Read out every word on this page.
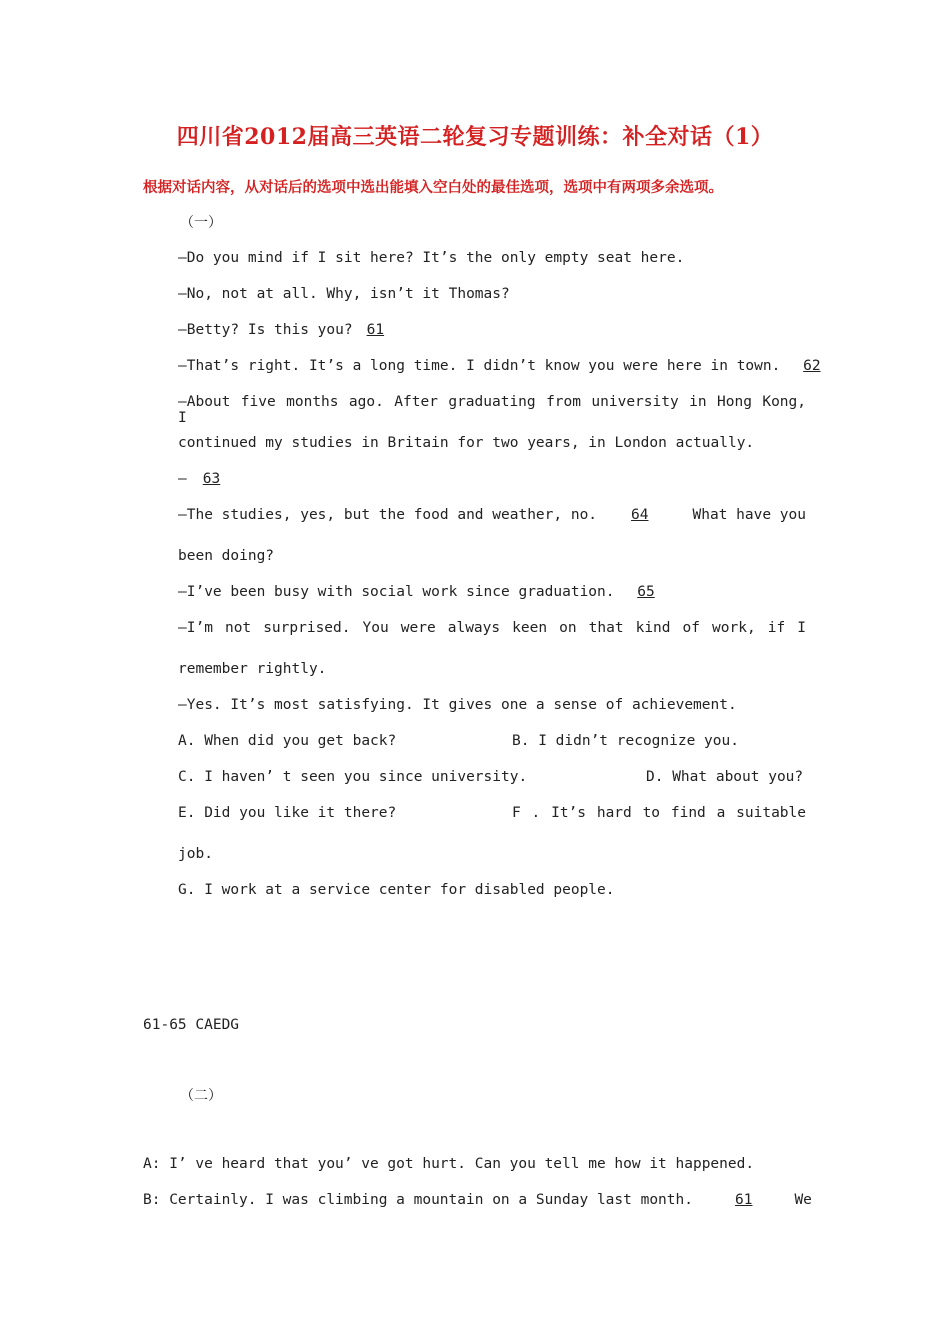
四川省2012届高三英语二轮复习专题训练：补全对话（1）
根据对话内容，从对话后的选项中选出能填入空白处的最佳选项，选项中有两项多余选项。
（一）
—Do you mind if I sit here? It’s the only empty seat here.
—No, not at all. Why, isn’t it Thomas?
—Betty? Is this you? 61
—That’s right. It’s a long time. I didn’t know you were here in town. 62
—About five months ago. After graduating from university in Hong Kong, I
continued my studies in Britain for two years, in London actually.
— 63
—The studies, yes, but the food and weather, no.	64	What have you
been doing?
—I’ve been busy with social work since graduation. 65
—I’m not surprised. You were always keen on that kind of work, if I
remember rightly.
—Yes. It’s most satisfying. It gives one a sense of achievement.
A. When did you get back?	B. I didn’t recognize you.
C. I haven’ t seen you since university.	D. What about you?
E. Did you like it there?	F . It’s hard to find a suitable
job.
G. I work at a service center for disabled people.
61-65 CAEDG
（二）
A: I’ ve heard that you’ ve got hurt. Can you tell me how it happened.
B: Certainly. I was climbing a mountain on a Sunday last month.	61	We
